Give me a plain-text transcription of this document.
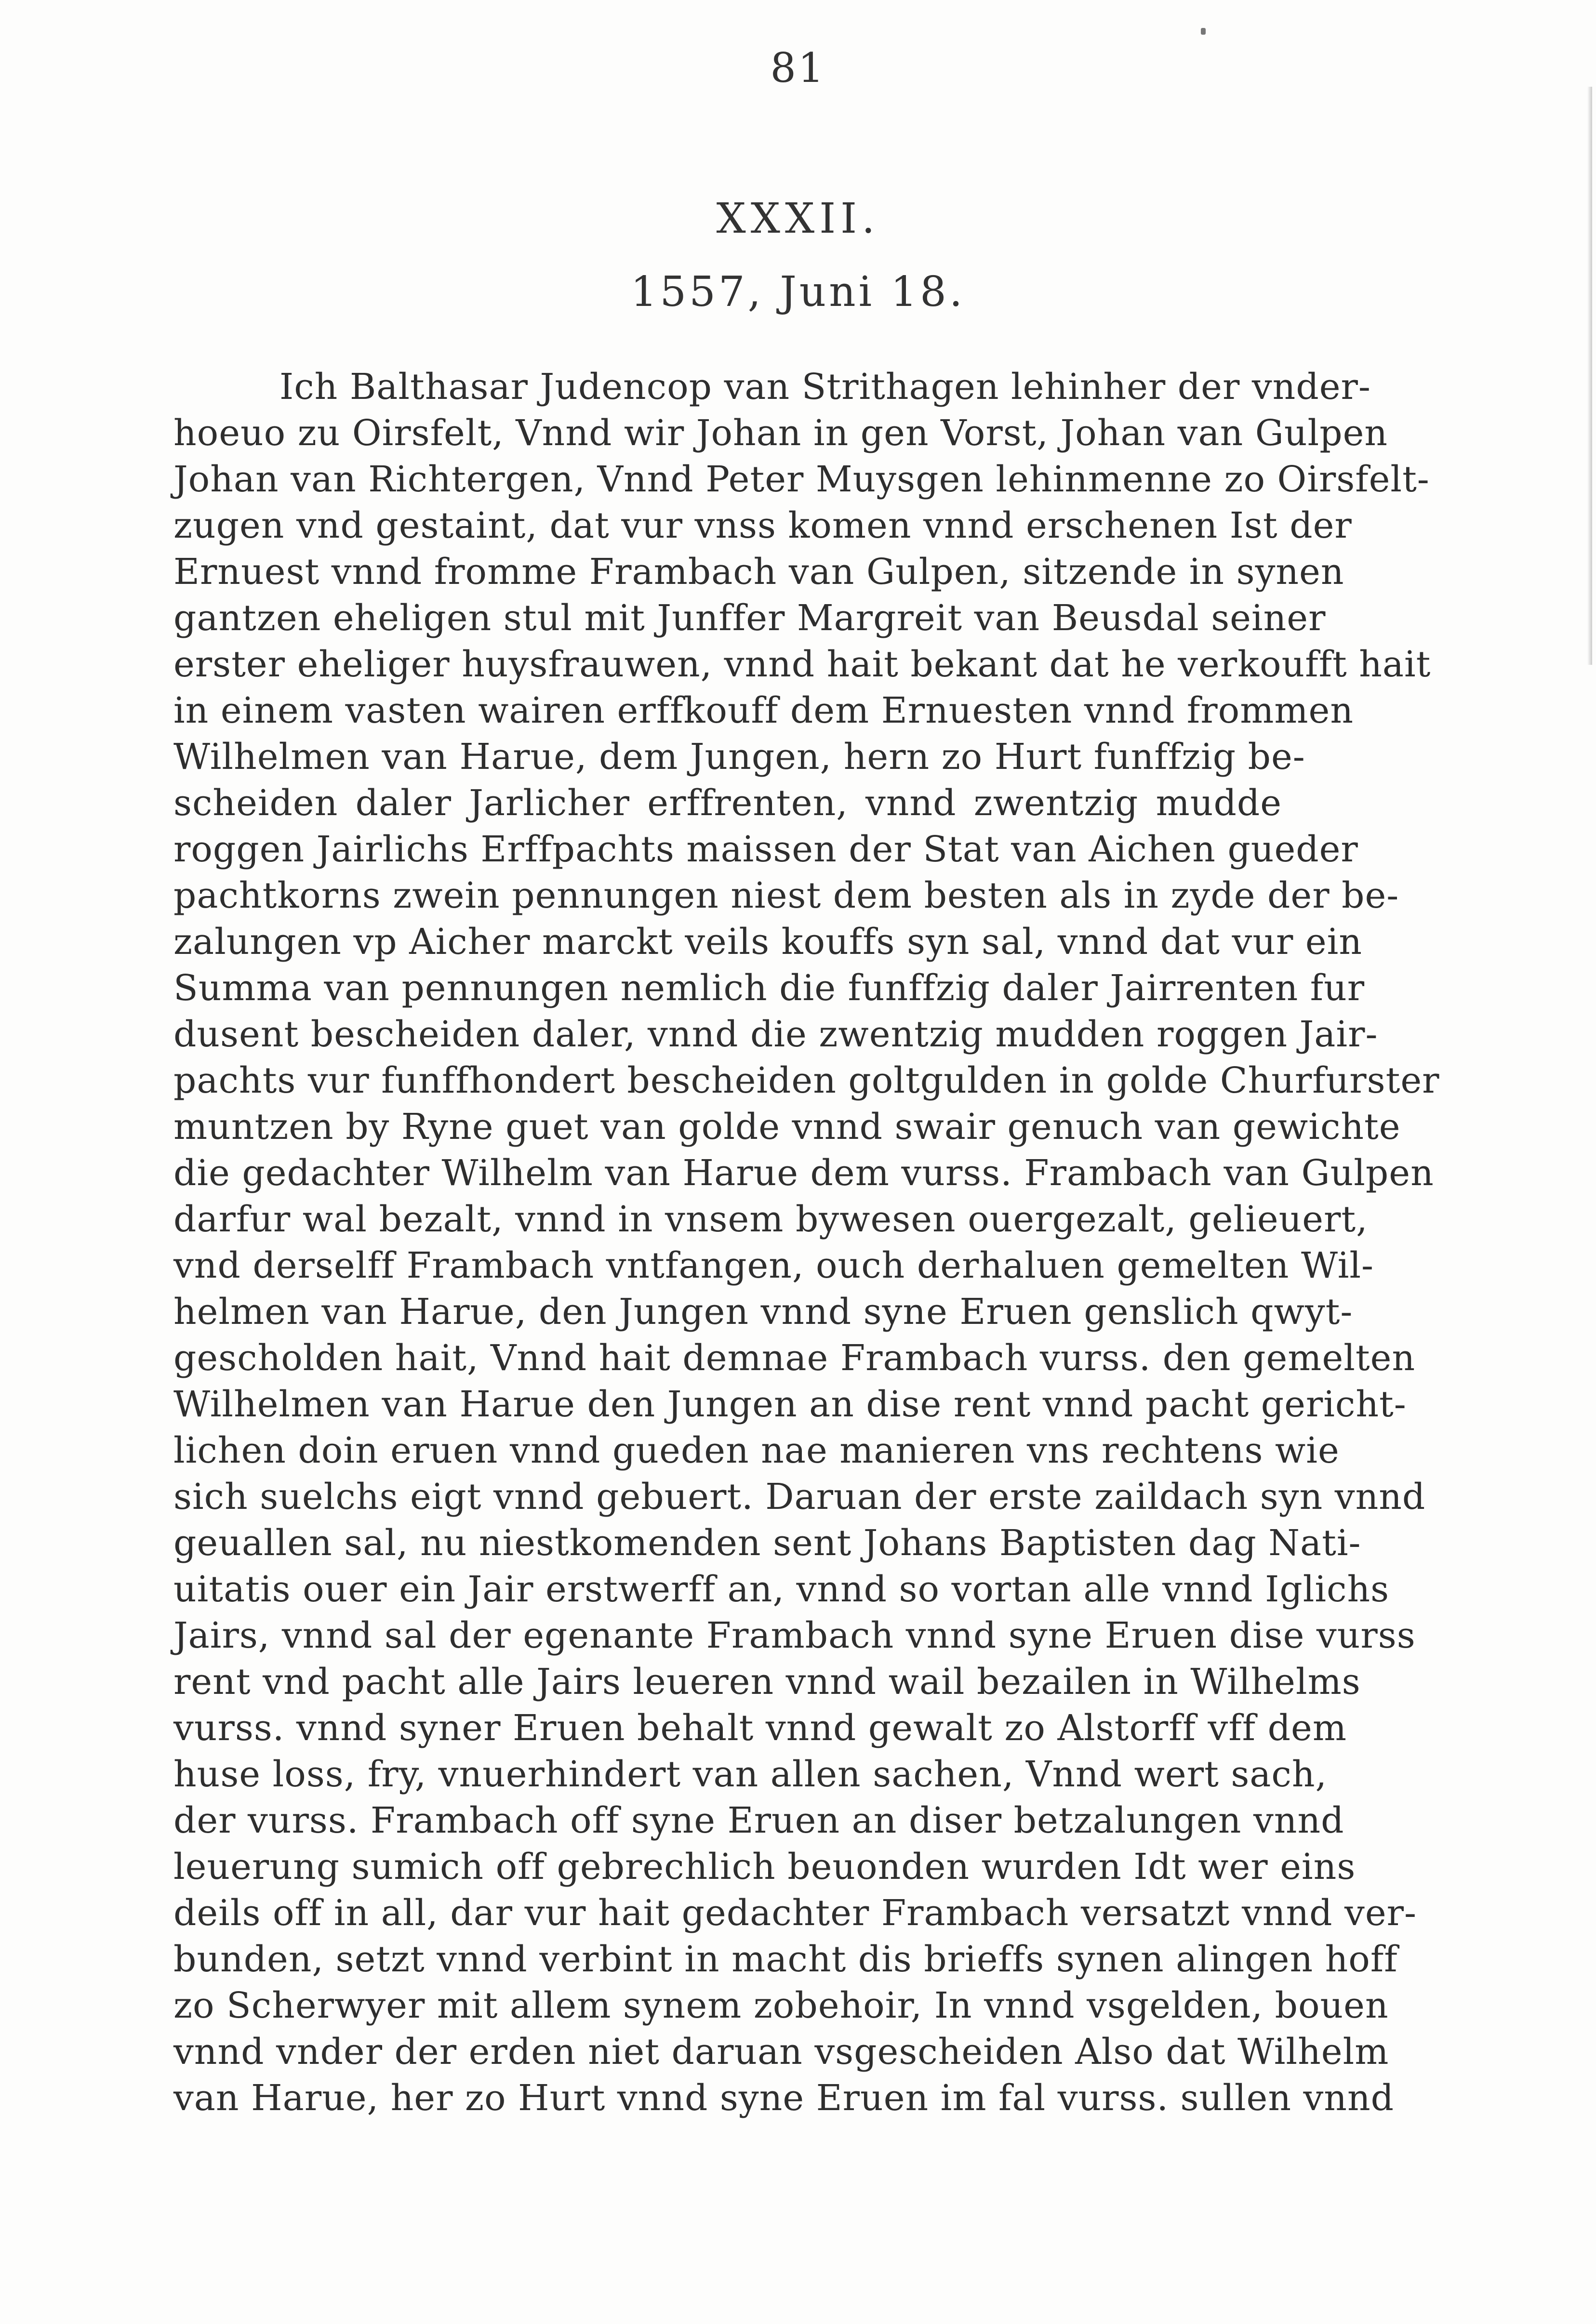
81
XXXII.
1557, Juni 18.
Ich Balthasar Judencop van Strithagen lehinher der vnder-
hoeuo zu Oirsfelt, Vnnd wir Johan in gen Vorst, Johan van Gulpen
Johan van Richtergen, Vnnd Peter Muysgen lehinmenne zo Oirsfelt-
zugen vnd gestaint, dat vur vnss komen vnnd erschenen Ist der
Ernuest vnnd fromme Frambach van Gulpen, sitzende in synen
gantzen eheligen stul mit Junffer Margreit van Beusdal seiner
erster eheliger huysfrauwen, vnnd hait bekant dat he verkoufft hait
in einem vasten wairen erffkouff dem Ernuesten vnnd frommen
Wilhelmen van Harue, dem Jungen, hern zo Hurt funffzig be-
scheiden daler Jarlicher erffrenten, vnnd zwentzig mudde
roggen Jairlichs Erffpachts maissen der Stat van Aichen gueder
pachtkorns zwein pennungen niest dem besten als in zyde der be-
zalungen vp Aicher marckt veils kouffs syn sal, vnnd dat vur ein
Summa van pennungen nemlich die funffzig daler Jairrenten fur
dusent bescheiden daler, vnnd die zwentzig mudden roggen Jair-
pachts vur funffhondert bescheiden goltgulden in golde Churfurster
muntzen by Ryne guet van golde vnnd swair genuch van gewichte
die gedachter Wilhelm van Harue dem vurss. Frambach van Gulpen
darfur wal bezalt, vnnd in vnsem bywesen ouergezalt, gelieuert,
vnd derselff Frambach vntfangen, ouch derhaluen gemelten Wil-
helmen van Harue, den Jungen vnnd syne Eruen genslich qwyt-
gescholden hait, Vnnd hait demnae Frambach vurss. den gemelten
Wilhelmen van Harue den Jungen an dise rent vnnd pacht gericht-
lichen doin eruen vnnd gueden nae manieren vns rechtens wie
sich suelchs eigt vnnd gebuert. Daruan der erste zaildach syn vnnd
geuallen sal, nu niestkomenden sent Johans Baptisten dag Nati-
uitatis ouer ein Jair erstwerff an, vnnd so vortan alle vnnd Iglichs
Jairs, vnnd sal der egenante Frambach vnnd syne Eruen dise vurss
rent vnd pacht alle Jairs leueren vnnd wail bezailen in Wilhelms
vurss. vnnd syner Eruen behalt vnnd gewalt zo Alstorff vff dem
huse loss, fry, vnuerhindert van allen sachen, Vnnd wert sach,
der vurss. Frambach off syne Eruen an diser betzalungen vnnd
leuerung sumich off gebrechlich beuonden wurden Idt wer eins
deils off in all, dar vur hait gedachter Frambach versatzt vnnd ver-
bunden, setzt vnnd verbint in macht dis brieffs synen alingen hoff
zo Scherwyer mit allem synem zobehoir, In vnnd vsgelden, bouen
vnnd vnder der erden niet daruan vsgescheiden Also dat Wilhelm
van Harue, her zo Hurt vnnd syne Eruen im fal vurss. sullen vnnd
